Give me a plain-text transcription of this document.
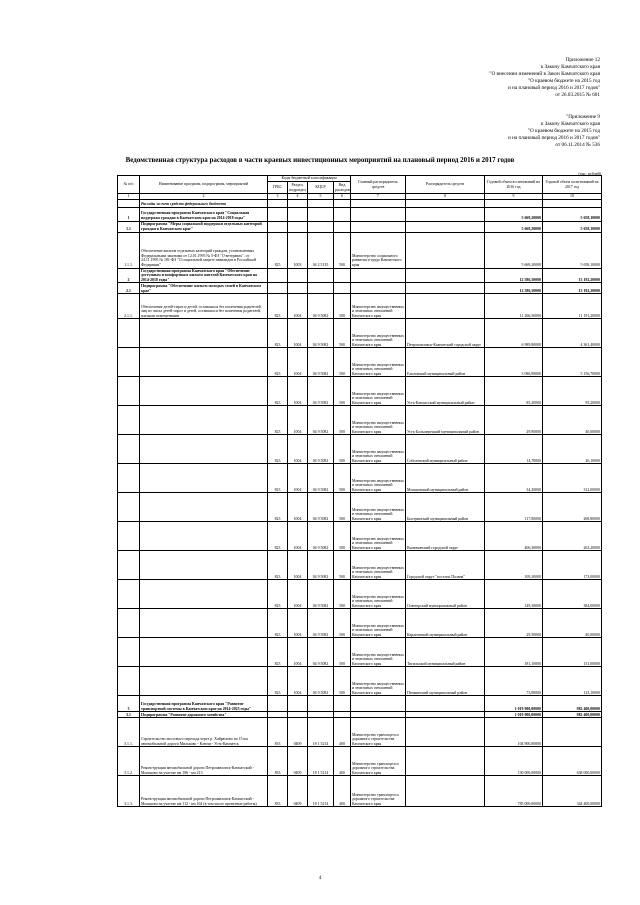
Приложение 12
к Закону Камчатского края
"О внесении изменений в Закон Камчатского края
"О краевом бюджете на 2015 год
и на плановый период 2016 и 2017 годов"
от 26.03.2015 № 601
"Приложение 9
к Закону Камчатского края
"О краевом бюджете на 2015 год
и на плановый период 2016 и 2017 годов"
от 06.11.2014 № 536
Ведомственная структура расходов в части краевых инвестиционных мероприятий на плановый период 2016 и 2017 годов
(тыс. рублей)
№ п/п	Наименование программ, подпрограмм, мероприятий	Коды бюджетной классификации				Главный распорядитель средств	Распорядитель средств	Годовой объем ассигнований на 2016 год	Годовой объем ассигнований на 2017 год
		ГРБС	Раздел, подраздел	КЦСР	Вид расходов				
1	2	3	4	5	6	7	8	9	10
	Расходы за счет средств федерального бюджета								
1	Государственная программа Камчатского края "Социальная поддержка граждан в Камчатском крае на 2014-2018 годы"							5 669,20000	5 658,10000
1.1	Подпрограмма "Меры социальной поддержки отдельных категорий граждан в Камчатском крае"							5 669,20000	5 658,10000
1.1.1.	Обеспечение жильем отдельных категорий граждан, установленных Федеральными законами от 12.01.1995 № 5-ФЗ "О ветеранах", от 24.11.1995 № 181-ФЗ "О социальной защите инвалидов в Российской Федерации"	825	1003	04 2 5135	500	Министерство социального развития и труда Камчатского края		5 669,20000	5 658,10000
2	Государственная программа Камчатского края "Обеспечение доступным и комфортным жильем жителей Камчатского края на 2014-2018 годы"							12 586,50000	13 192,20000
2.1	Подпрограмма "Обеспечение жильем молодых семей в Камчатском крае"							12 586,50000	13 192,20000
2.1.1.	Обеспечение детей-сирот и детей, оставшихся без попечения родителей, лиц из числа детей-сирот и детей, оставшихся без попечения родителей, жилыми помещениями	823	1004	04 9 5082	500	Министерство имущественных и земельных отношений Камчатского края		11 266,50000	11 191,20000
		823	1004	04 9 5082	500	Министерство имущественных и земельных отношений Камчатского края	Петропавловск-Камчатский городской округ	6 989,80000	4 361,40000
		823	1004	04 9 5082	500	Министерство имущественных и земельных отношений Камчатского края	Елизовский муниципальный район	3 086,90000	5 156,70000
		823	1004	04 9 5082	500	Министерство имущественных и земельных отношений Камчатского края	Усть-Камчатский муниципальный район	85,20000	95,20000
		823	1004	04 9 5082	500	Министерство имущественных и земельных отношений Камчатского края	Усть-Большерецкий муниципальный район	29,90000	40,00000
		823	1004	04 9 5082	500	Министерство имущественных и земельных отношений Камчатского края	Соболевский муниципальный район	14,70000	26,10000
		823	1004	04 9 5082	500	Министерство имущественных и земельных отношений Камчатского края	Мильковский муниципальный район	34,20000	312,00000
		823	1004	04 9 5082	500	Министерство имущественных и земельных отношений Камчатского края	Быстринский муниципальный район	117,80000	268,80000
		823	1004	04 9 5082	500	Министерство имущественных и земельных отношений Камчатского края	Вилючинский городской округ	406,30000	263,20000
		823	1004	04 9 5082	500	Министерство имущественных и земельных отношений Камчатского края	Городской округ "поселок Палана"	109,20000	173,00000
		823	1004	04 9 5082	500	Министерство имущественных и земельных отношений Камчатского края	Олюторский муниципальный район	149,30000	384,00000
		823	1004	04 9 5082	500	Министерство имущественных и земельных отношений Камчатского края	Карагинский муниципальный район	29,50000	40,00000
		823	1004	04 9 5082	500	Министерство имущественных и земельных отношений Камчатского края	Тигильский муниципальный район	181,10000	131,00000
		823	1004	04 9 5082	500	Министерство имущественных и земельных отношений Камчатского края	Пенжинский муниципальный район	73,80000	123,10000
3	Государственная программа Камчатского края "Развитие транспортной системы в Камчатском крае на 2014-2025 годы"							1 019 900,00000	982 400,00000
3.1	Подпрограмма "Развитие дорожного хозяйства"							1 019 900,00000	982 400,00000
3.1.1.	Строительство мостового перехода через р. Хайрюзово на 15 км автомобильной дороги Мильково - Ключи - Усть-Камчатск	833	0409	18 1 5214	400	Министерство транспорта и дорожного строительства Камчатского края		104 900,00000	
3.1.2.	Реконструкция автомобильной дороги Петропавловск-Камчатский - Мильково на участке км 186 - км 213	833	0409	18 1 5214	400	Министерство транспорта и дорожного строительства Камчатского края		130 000,00000	638 000,00000
3.1.3.	Реконструкция автомобильной дороги Петропавловск-Камчатский - Мильково на участке км 112 - км 164 (в том числе проектные работы)	833	0409	18 1 5214	400	Министерство транспорта и дорожного строительства Камчатского края		785 000,00000	344 400,00000
4
